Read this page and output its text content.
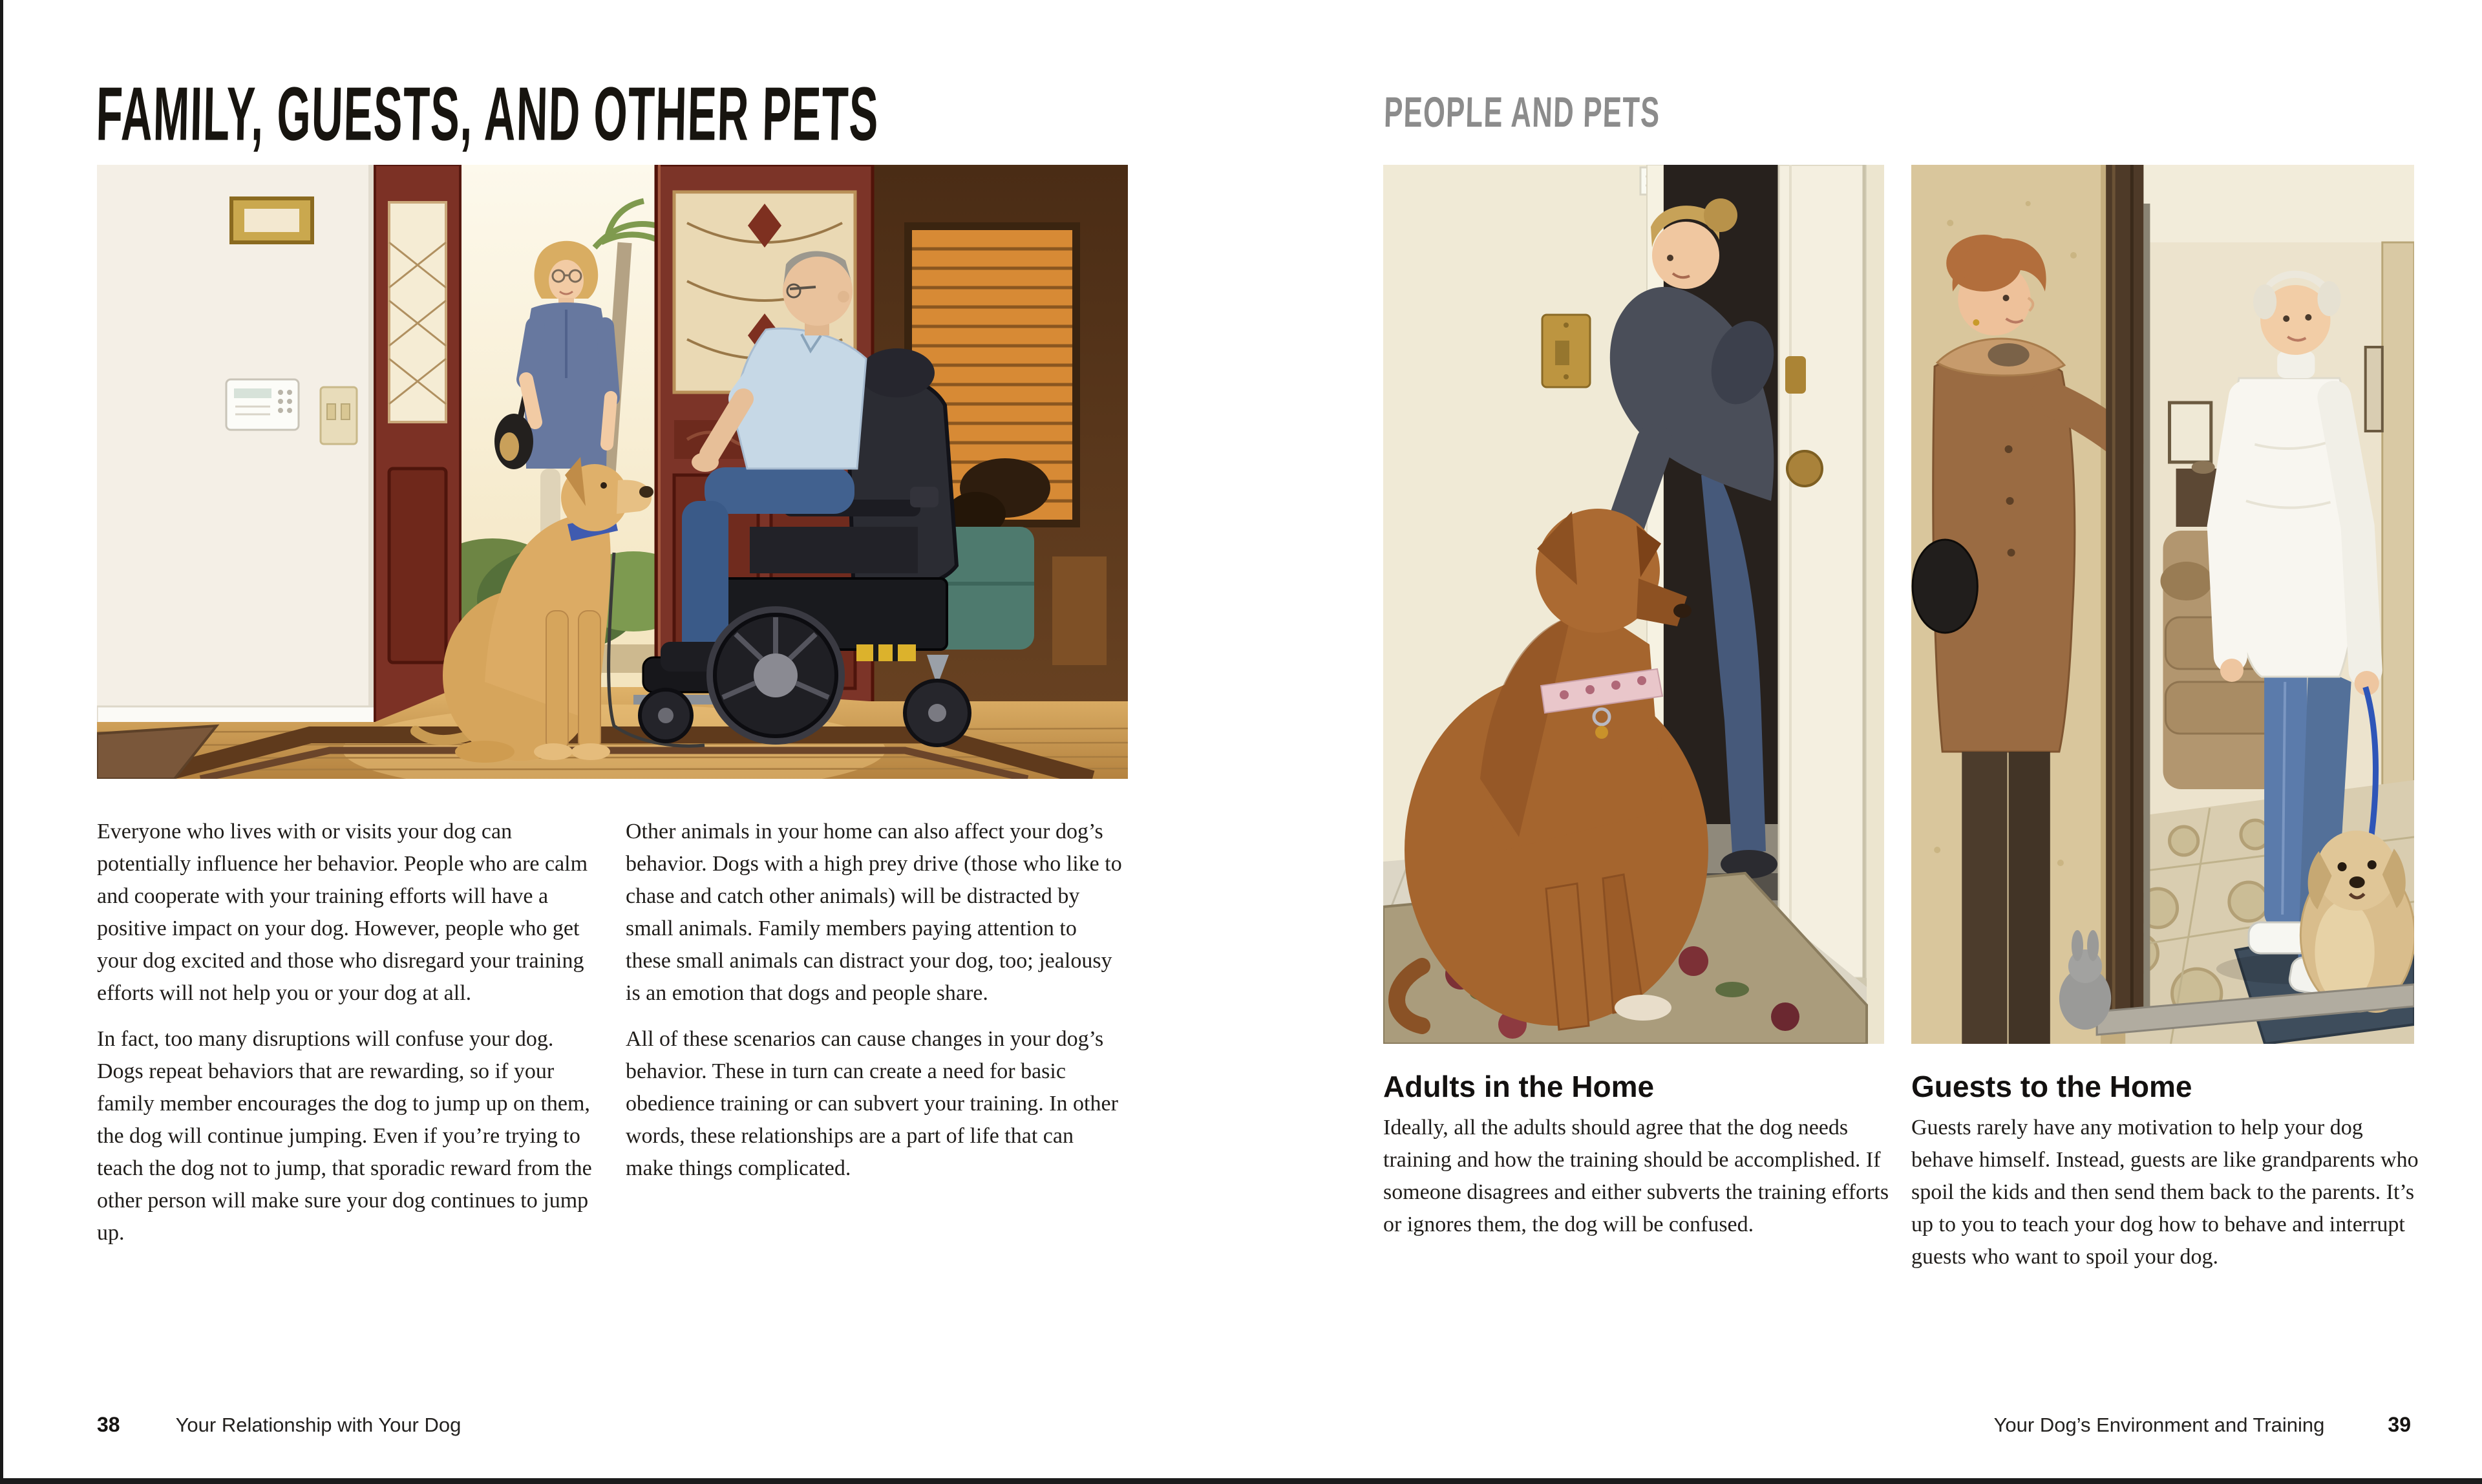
FAMILY, GUESTS, AND OTHER PETS

Everyone who lives with or visits your dog can potentially influence her behavior. People who are calm and cooperate with your training efforts will have a positive impact on your dog. However, people who get your dog excited and those who disregard your training efforts will not help you or your dog at all.

In fact, too many disruptions will confuse your dog. Dogs repeat behaviors that are rewarding, so if your family member encourages the dog to jump up on them, the dog will continue jumping. Even if you’re trying to teach the dog not to jump, that sporadic reward from the other person will make sure your dog continues to jump up.

Other animals in your home can also affect your dog’s behavior. Dogs with a high prey drive (those who like to chase and catch other animals) will be distracted by small animals. Family members paying attention to these small animals can distract your dog, too; jealousy is an emotion that dogs and people share.

All of these scenarios can cause changes in your dog’s behavior. These in turn can create a need for basic obedience training or can subvert your training. In other words, these relationships are a part of life that can make things complicated.

38	Your Relationship with Your Dog
PEOPLE AND PETS
Adults in the Home

Ideally, all the adults should agree that the dog needs training and how the training should be accomplished. If someone disagrees and either subverts the training efforts or ignores them, the dog will be confused.

Guests to the Home

Guests rarely have any motivation to help your dog behave himself. Instead, guests are like grandparents who spoil the kids and then send them back to the parents. It’s up to you to teach your dog how to behave and interrupt guests who want to spoil your dog.

Your Dog’s Environment and Training	39
